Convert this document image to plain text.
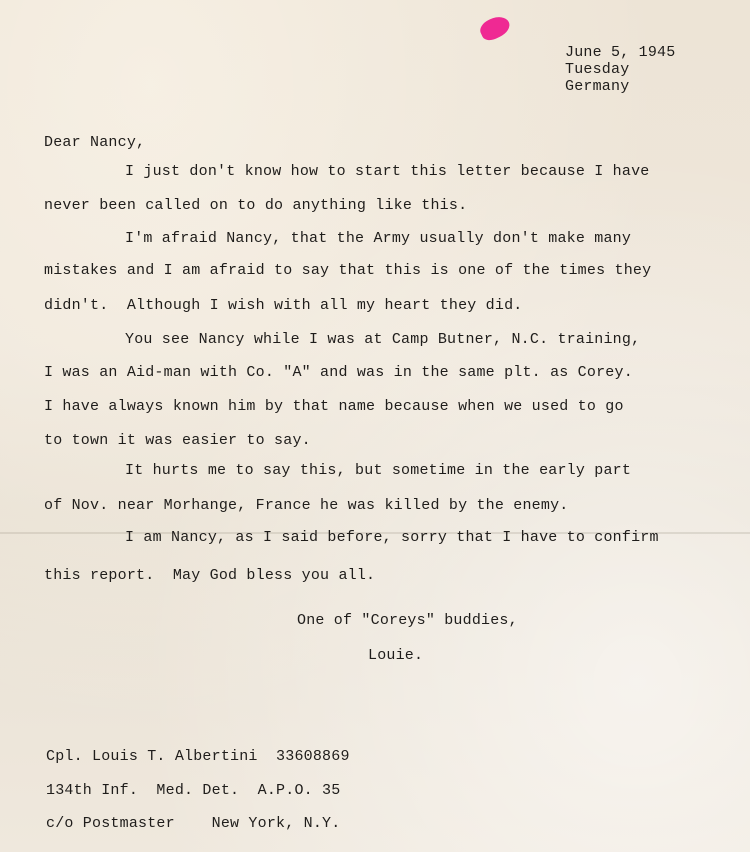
June 5, 1945
Tuesday
Germany
Dear Nancy,
I just don't know how to start this letter because I have
never been called on to do anything like this.
I'm afraid Nancy, that the Army usually don't make many
mistakes and I am afraid to say that this is one of the times they
didn't.  Although I wish with all my heart they did.
You see Nancy while I was at Camp Butner, N.C. training,
I was an Aid-man with Co. "A" and was in the same plt. as Corey.
I have always known him by that name because when we used to go
to town it was easier to say.
It hurts me to say this, but sometime in the early part
of Nov. near Morhange, France he was killed by the enemy.
I am Nancy, as I said before, sorry that I have to confirm
this report.  May God bless you all.
One of "Coreys" buddies,
Louie.
Cpl. Louis T. Albertini  33608869
134th Inf.  Med. Det.  A.P.O. 35
c/o Postmaster    New York, N.Y.
